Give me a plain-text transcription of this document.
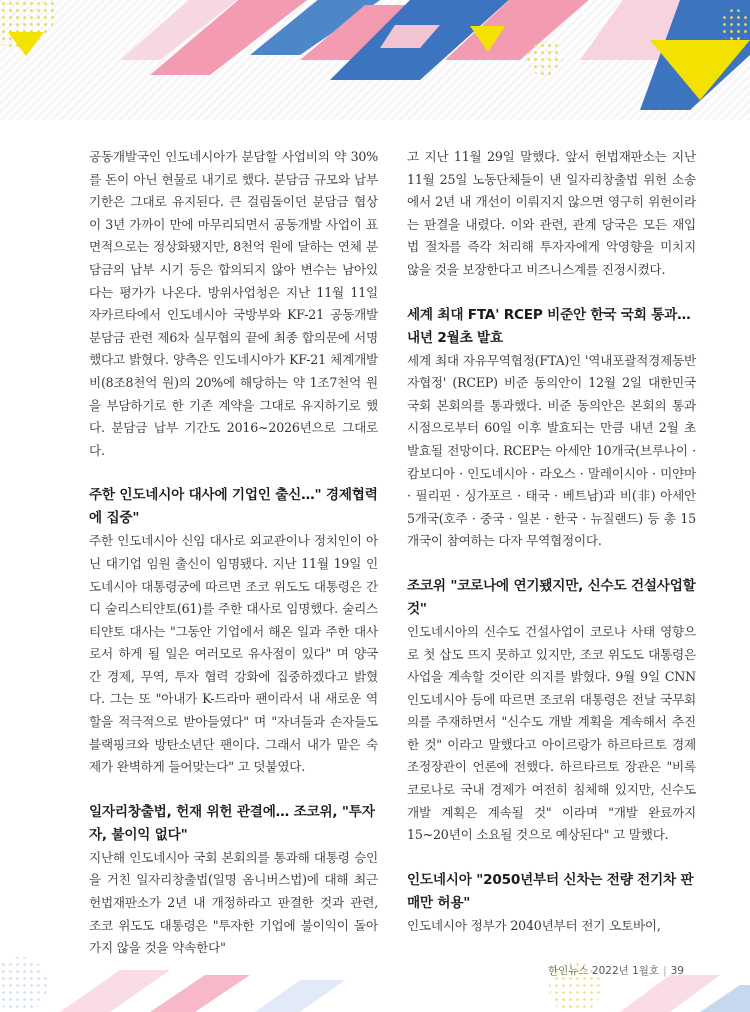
공동개발국인 인도네시아가 분담할 사업비의 약 30%를 돈이 아닌 현물로 내기로 했다. 분담금 규모와 납부 기한은 그대로 유지된다. 큰 걸림돌이던 분담금 협상이 3년 가까이 만에 마무리되면서 공동개발 사업이 표면적으로는 정상화됐지만, 8천억 원에 달하는 연체 분담금의 납부 시기 등은 합의되지 않아 변수는 남아있다는 평가가 나온다. 방위사업청은 지난 11월 11일 자카르타에서 인도네시아 국방부와 KF-21 공동개발 분담금 관련 제6차 실무협의 끝에 최종 합의문에 서명했다고 밝혔다. 양측은 인도네시아가 KF-21 체계개발비(8조8천억 원)의 20%에 해당하는 약 1조7천억 원을 부담하기로 한 기존 계약을 그대로 유지하기로 했다. 분담금 납부 기간도 2016~2026년으로 그대로다.

주한 인도네시아 대사에 기업인 출신…" 경제협력에 집중"

주한 인도네시아 신임 대사로 외교관이나 정치인이 아닌 대기업 임원 출신이 임명됐다. 지난 11월 19일 인도네시아 대통령궁에 따르면 조코 위도도 대통령은 간디 술리스티얀토(61)를 주한 대사로 임명했다. 술리스티얀토 대사는 "그동안 기업에서 해온 일과 주한 대사로서 하게 될 일은 여러모로 유사점이 있다" 며 양국 간 경제, 무역, 투자 협력 강화에 집중하겠다고 밝혔다. 그는 또 "아내가 K-드라마 팬이라서 내 새로운 역할을 적극적으로 받아들였다" 며 "자녀들과 손자들도 블랙핑크와 방탄소년단 팬이다. 그래서 내가 맡은 숙제가 완벽하게 들어맞는다" 고 덧붙였다.

일자리창출법, 헌재 위헌 관결에… 조코위, "투자자, 불이익 없다"

지난해 인도네시아 국회 본회의를 통과해 대통령 승인을 거친 일자리창출법(일명 옴니버스법)에 대해 최근 헌법재판소가 2년 내 개정하라고 판결한 것과 관련, 조코 위도도 대통령은 "투자한 기업에 불이익이 돌아가지 않을 것을 약속한다"

고 지난 11월 29일 말했다. 앞서 헌법재판소는 지난 11월 25일 노동단체들이 낸 일자리창출법 위헌 소송에서 2년 내 개선이 이뤄지지 않으면 영구히 위헌이라는 판결을 내렸다. 이와 관련, 관계 당국은 모든 재입법 절차를 즉각 처리해 투자자에게 악영향을 미치지 않을 것을 보장한다고 비즈니스계를 진정시켰다.

세계 최대 FTA' RCEP 비준안 한국 국회 통과…내년 2월초 발효

세계 최대 자유무역협정(FTA)인 '역내포괄적경제동반자협정' (RCEP) 비준 동의안이 12월 2일 대한민국 국회 본회의를 통과했다. 비준 동의안은 본회의 통과 시점으로부터 60일 이후 발효되는 만큼 내년 2월 초 발효될 전망이다. RCEP는 아세안 10개국(브루나이 · 캄보디아 · 인도네시아 · 라오스 · 말레이시아 · 미얀마 · 필리핀 · 싱가포르 · 태국 · 베트남)과 비(非) 아세안 5개국(호주 · 중국 · 일본 · 한국 · 뉴질랜드) 등 총 15개국이 참여하는 다자 무역협정이다.

조코위 "코로나에 연기됐지만, 신수도 건설사업할 것"

인도네시아의 신수도 건설사업이 코로나 사태 영향으로 첫 삽도 뜨지 못하고 있지만, 조코 위도도 대통령은 사업을 계속할 것이란 의지를 밝혔다. 9월 9일 CNN인도네시아 등에 따르면 조코위 대통령은 전날 국무회의를 주재하면서 "신수도 개발 계획을 계속해서 추진한 것" 이라고 말했다고 아이르랑가 하르타르토 경제조정장관이 언론에 전했다. 하르타르토 장관은 "비록 코로나로 국내 경제가 여전히 침체해 있지만, 신수도 개발 계획은 계속될 것" 이라며 "개발 완료까지 15~20년이 소요될 것으로 예상된다" 고 말했다.

인도네시아 "2050년부터 신차는 전량 전기차 판매만 허용"

인도네시아 정부가 2040년부터 전기 오토바이,

한인뉴스 2022년 1월호 | 39
